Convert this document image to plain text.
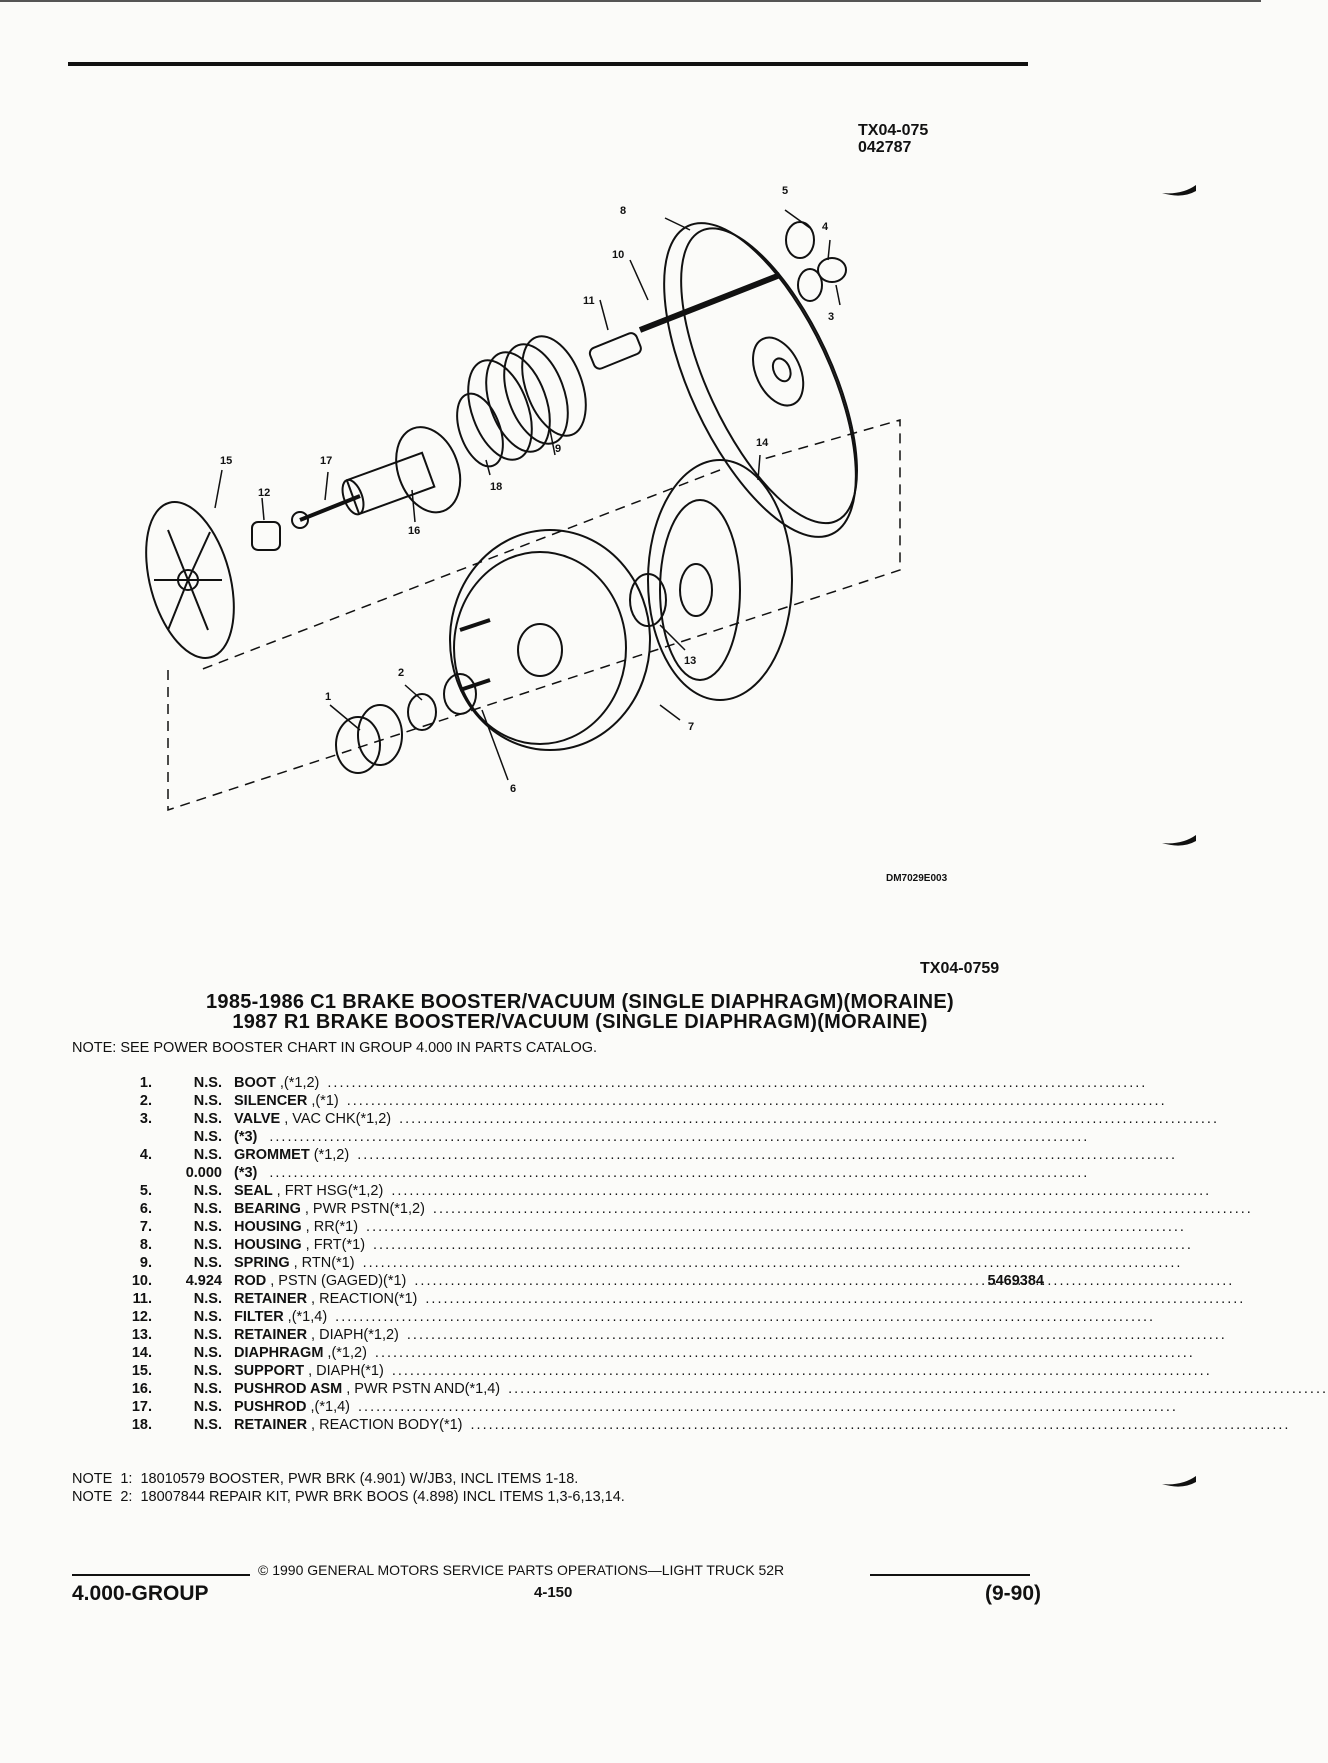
TX04-075
042787
1
2
3
4
5
6
7
8
9
10
11
12
13
14
15
16
17
18
DM7029E003
TX04-0759
1985-1986 C1 BRAKE BOOSTER/VACUUM (SINGLE DIAPHRAGM)(MORAINE)
1987 R1 BRAKE BOOSTER/VACUUM (SINGLE DIAPHRAGM)(MORAINE)
NOTE: SEE POWER BOOSTER CHART IN GROUP 4.000 IN PARTS CATALOG.
1.	N.S. BOOT ,(*1,2)
.....
2.	N.S. SILENCER ,(*1)
.....
3.	N.S. VALVE , VAC CHK(*1,2)
.....
N.S. (*3)
.....
4.	N.S. GROMMET (*1,2)
.....
0.000 (*3)
.....
5.	N.S. SEAL , FRT HSG(*1,2)
.....
6.	N.S. BEARING , PWR PSTN(*1,2)
.....
7.	N.S. HOUSING , RR(*1)
.....
8.	N.S. HOUSING , FRT(*1)
.....
9.	N.S. SPRING , RTN(*1)
.....
10.	4.924 ROD , PSTN (GAGED)(*1)
.....	5469384
11.	N.S. RETAINER , REACTION(*1)
.....
12.	N.S. FILTER ,(*1,4)
.....
13.	N.S. RETAINER , DIAPH(*1,2)
.....
14.	N.S. DIAPHRAGM ,(*1,2)
.....
15.	N.S. SUPPORT , DIAPH(*1)
.....
16.	N.S. PUSHROD ASM , PWR PSTN AND(*1,4)
.....
17.	N.S. PUSHROD ,(*1,4)
.....
18.	N.S. RETAINER , REACTION BODY(*1)
.....
NOTE  1:  18010579 BOOSTER, PWR BRK (4.901) W/JB3, INCL ITEMS 1-18.
NOTE  2:  18007844 REPAIR KIT, PWR BRK BOOS (4.898) INCL ITEMS 1,3-6,13,14.
© 1990 GENERAL MOTORS SERVICE PARTS OPERATIONS—LIGHT TRUCK 52R
4.000-GROUP	4-150	(9-90)
